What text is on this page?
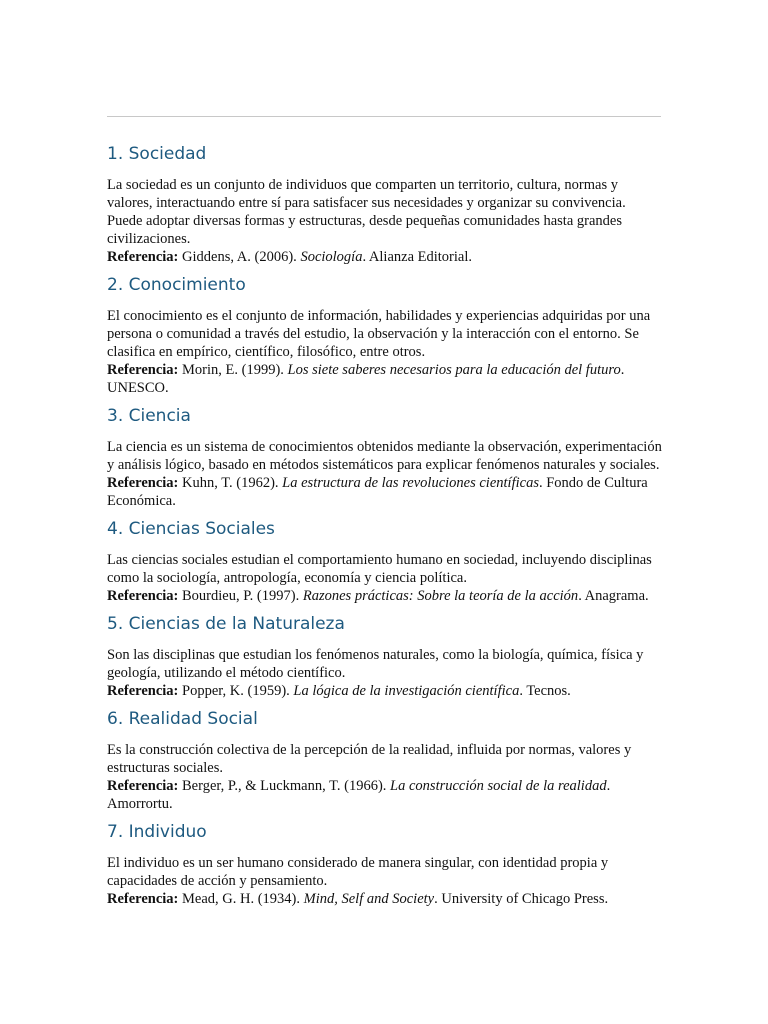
1. Sociedad

La sociedad es un conjunto de individuos que comparten un territorio, cultura, normas y valores, interactuando entre sí para satisfacer sus necesidades y organizar su convivencia. Puede adoptar diversas formas y estructuras, desde pequeñas comunidades hasta grandes civilizaciones.

Referencia: Giddens, A. (2006). Sociología. Alianza Editorial.

2. Conocimiento

El conocimiento es el conjunto de información, habilidades y experiencias adquiridas por una persona o comunidad a través del estudio, la observación y la interacción con el entorno. Se clasifica en empírico, científico, filosófico, entre otros.

Referencia: Morin, E. (1999). Los siete saberes necesarios para la educación del futuro. UNESCO.

3. Ciencia

La ciencia es un sistema de conocimientos obtenidos mediante la observación, experimentación y análisis lógico, basado en métodos sistemáticos para explicar fenómenos naturales y sociales.

Referencia: Kuhn, T. (1962). La estructura de las revoluciones científicas. Fondo de Cultura Económica.

4. Ciencias Sociales

Las ciencias sociales estudian el comportamiento humano en sociedad, incluyendo disciplinas como la sociología, antropología, economía y ciencia política.

Referencia: Bourdieu, P. (1997). Razones prácticas: Sobre la teoría de la acción. Anagrama.

5. Ciencias de la Naturaleza

Son las disciplinas que estudian los fenómenos naturales, como la biología, química, física y geología, utilizando el método científico.

Referencia: Popper, K. (1959). La lógica de la investigación científica. Tecnos.

6. Realidad Social

Es la construcción colectiva de la percepción de la realidad, influida por normas, valores y estructuras sociales.

Referencia: Berger, P., & Luckmann, T. (1966). La construcción social de la realidad. Amorrortu.

7. Individuo

El individuo es un ser humano considerado de manera singular, con identidad propia y capacidades de acción y pensamiento.

Referencia: Mead, G. H. (1934). Mind, Self and Society. University of Chicago Press.
